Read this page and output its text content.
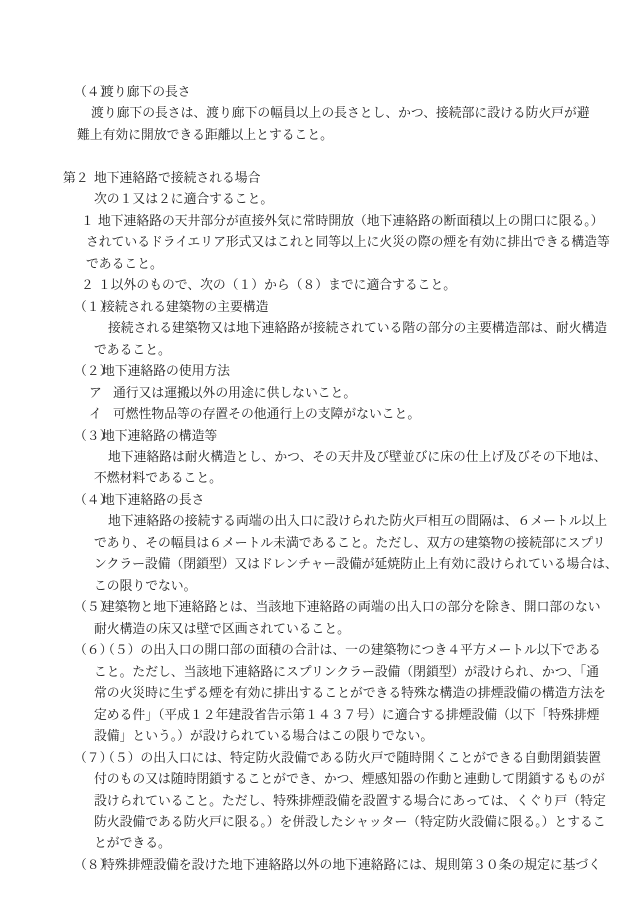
（４）
渡り廊下の長さ
渡り廊下の長さは、渡り廊下の幅員以上の長さとし、かつ、接続部に設ける防火戸が避
難上有効に開放できる距離以上とすること。
第２ 地下連絡路で接続される場合
次の１又は２に適合すること。
１ 地下連絡路の天井部分が直接外気に常時開放（地下連絡路の断面積以上の開口に限る。）
されているドライエリア形式又はこれと同等以上に火災の際の煙を有効に排出できる構造等
であること。
２ １以外のもので、次の（１）から（８）までに適合すること。
（１）
接続される建築物の主要構造
接続される建築物又は地下連絡路が接続されている階の部分の主要構造部は、耐火構造
であること。
（２）
地下連絡路の使用方法
ア 通行又は運搬以外の用途に供しないこと。
イ 可燃性物品等の存置その他通行上の支障がないこと。
（３）
地下連絡路の構造等
地下連絡路は耐火構造とし、かつ、その天井及び壁並びに床の仕上げ及びその下地は、
不燃材料であること。
（４）
地下連絡路の長さ
地下連絡路の接続する両端の出入口に設けられた防火戸相互の間隔は、６メートル以上
であり、その幅員は６メートル未満であること。ただし、双方の建築物の接続部にスプリ
ンクラー設備（閉鎖型）又はドレンチャー設備が延焼防止上有効に設けられている場合は、
この限りでない。
（５）
建築物と地下連絡路とは、当該地下連絡路の両端の出入口の部分を除き、開口部のない
耐火構造の床又は壁で区画されていること。
（６）
（５）の出入口の開口部の面積の合計は、一の建築物につき４平方メートル以下である
こと。ただし、当該地下連絡路にスプリンクラー設備（閉鎖型）が設けられ、かつ、「通
常の火災時に生ずる煙を有効に排出することができる特殊な構造の排煙設備の構造方法を
定める件」（平成１２年建設省告示第１４３７号）に適合する排煙設備（以下「特殊排煙
設備」という。）が設けられている場合はこの限りでない。
（７）
（５）の出入口には、特定防火設備である防火戸で随時開くことができる自動閉鎖装置
付のもの又は随時閉鎖することができ、かつ、煙感知器の作動と連動して閉鎖するものが
設けられていること。ただし、特殊排煙設備を設置する場合にあっては、くぐり戸（特定
防火設備である防火戸に限る。）を併設したシャッター（特定防火設備に限る。）とするこ
とができる。
（８）
特殊排煙設備を設けた地下連絡路以外の地下連絡路には、規則第３０条の規定に基づく
